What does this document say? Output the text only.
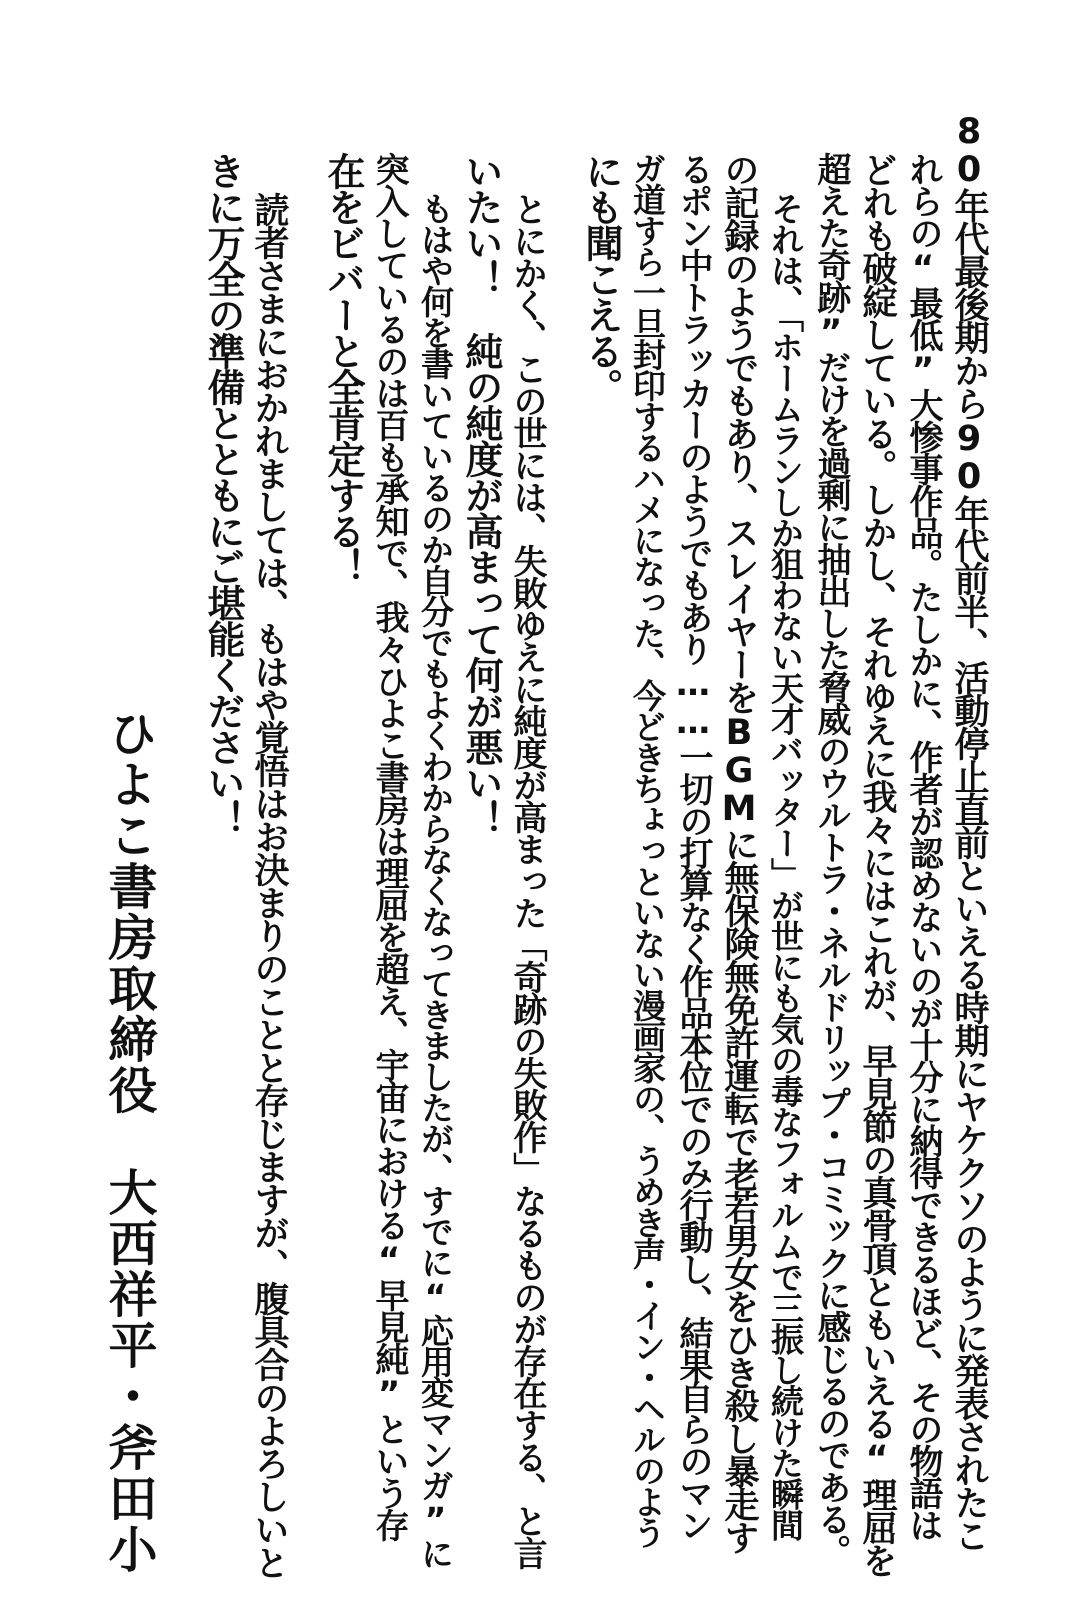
80年代最後期から90年代前半、活動停止直前といえる時期にヤケクソのように発表されたこ

れらの“最低”大惨事作品。たしかに、作者が認めないのが十分に納得できるほど、その物語は

どれも破綻している。しかし、それゆえに我々にはこれが、早見節の真骨頂ともいえる“理屈を

超えた奇跡”だけを過剰に抽出した脅威のウルトラ・ネルドリップ・コミックに感じるのである。

それは、「ホームランしか狙わない天才バッター」が世にも気の毒なフォルムで三振し続けた瞬間

の記録のようでもあり、スレイヤーをBGMに無保険無免許運転で老若男女をひき殺し暴走す

るポン中トラッカーのようでもあり……一切の打算なく作品本位でのみ行動し、結果自らのマン

ガ道すら一旦封印するハメになった、今どきちょっといない漫画家の、うめき声・イン・ヘルのよう

にも聞こえる。

とにかく、この世には、失敗ゆえに純度が高まった「奇跡の失敗作」なるものが存在する、と言

いたい！　純の純度が高まって何が悪い！

もはや何を書いているのか自分でもよくわからなくなってきましたが、すでに“応用変マンガ”に

突入しているのは百も承知で、我々ひよこ書房は理屈を超え、宇宙における“早見純”という存

在をビバーと全肯定する！

読者さまにおかれましては、もはや覚悟はお決まりのことと存じますが、腹具合のよろしいと

きに万全の準備とともにご堪能ください！

ひよこ書房取締役　大西祥平・斧田小
